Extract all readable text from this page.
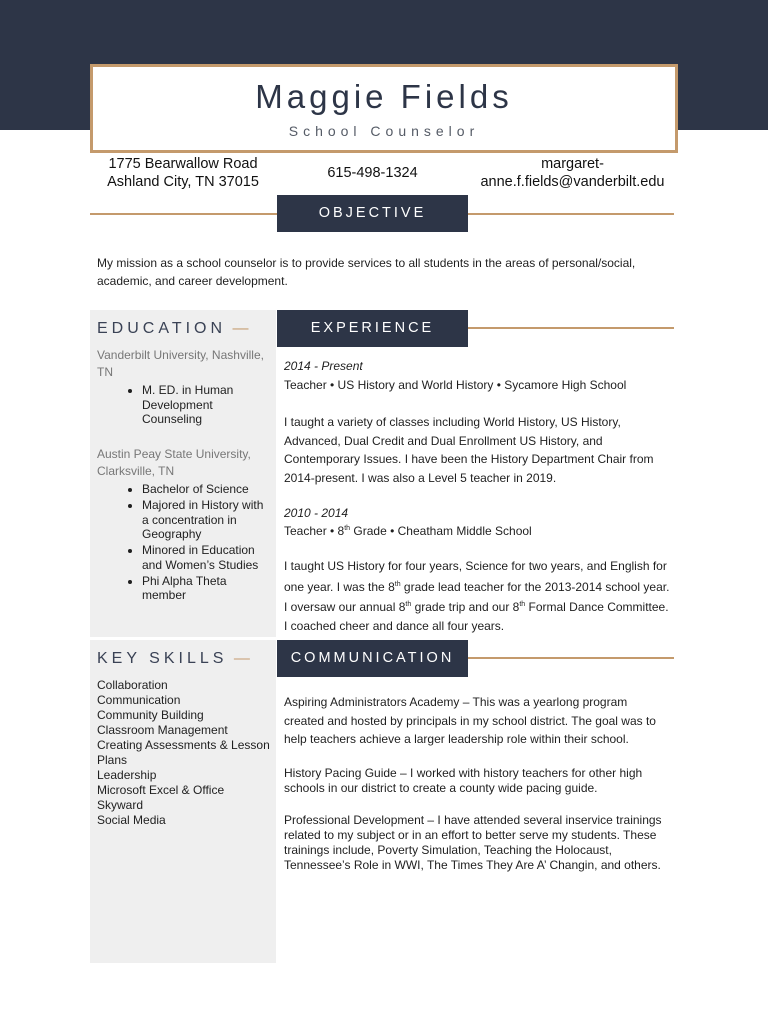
Maggie Fields
School Counselor
1775 Bearwallow Road
Ashland City, TN 37015
615-498-1324
margaret-
anne.f.fields@vanderbilt.edu
OBJECTIVE
My mission as a school counselor is to provide services to all students in the areas of personal/social, academic, and career development.
EDUCATION —
Vanderbilt University, Nashville, TN
• M. ED. in Human Development Counseling
Austin Peay State University, Clarksville, TN
• Bachelor of Science
• Majored in History with a concentration in Geography
• Minored in Education and Women’s Studies
• Phi Alpha Theta member
KEY SKILLS —
Collaboration
Communication
Community Building
Classroom Management
Creating Assessments & Lesson Plans
Leadership
Microsoft Excel & Office
Skyward
Social Media
EXPERIENCE
2014 - Present
Teacher • US History and World History • Sycamore High School
I taught a variety of classes including World History, US History, Advanced, Dual Credit and Dual Enrollment US History, and Contemporary Issues. I have been the History Department Chair from 2014-present. I was also a Level 5 teacher in 2019.
2010 - 2014
Teacher • 8th Grade • Cheatham Middle School
I taught US History for four years, Science for two years, and English for one year. I was the 8th grade lead teacher for the 2013-2014 school year. I oversaw our annual 8th grade trip and our 8th Formal Dance Committee. I coached cheer and dance all four years.
COMMUNICATION
Aspiring Administrators Academy – This was a yearlong program created and hosted by principals in my school district. The goal was to help teachers achieve a larger leadership role within their school.
History Pacing Guide – I worked with history teachers for other high schools in our district to create a county wide pacing guide.
Professional Development – I have attended several inservice trainings related to my subject or in an effort to better serve my students. These trainings include, Poverty Simulation, Teaching the Holocaust, Tennessee’s Role in WWI, The Times They Are A’ Changin, and others.
